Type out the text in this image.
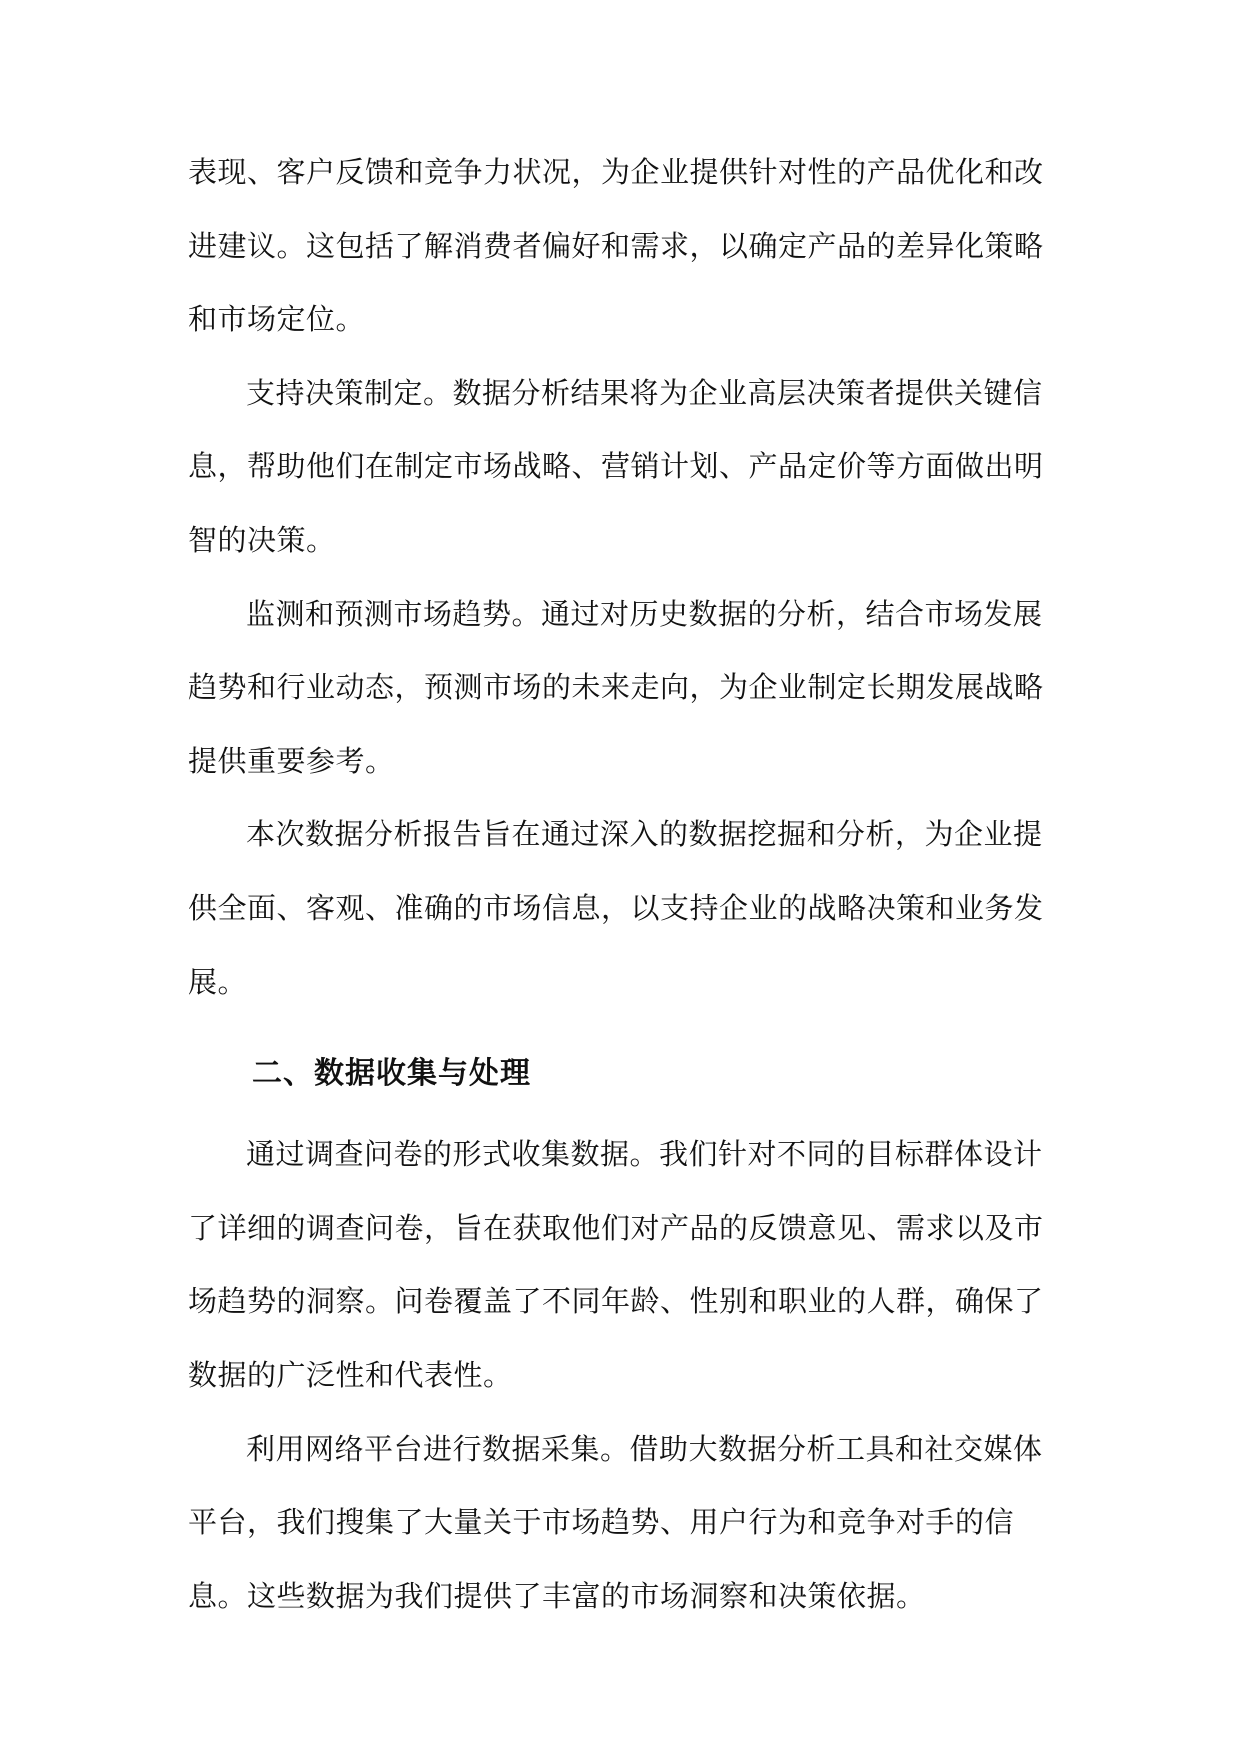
表现、客户反馈和竞争力状况，为企业提供针对性的产品优化和改进建议。这包括了解消费者偏好和需求，以确定产品的差异化策略和市场定位。

支持决策制定。数据分析结果将为企业高层决策者提供关键信息，帮助他们在制定市场战略、营销计划、产品定价等方面做出明智的决策。

监测和预测市场趋势。通过对历史数据的分析，结合市场发展趋势和行业动态，预测市场的未来走向，为企业制定长期发展战略提供重要参考。

本次数据分析报告旨在通过深入的数据挖掘和分析，为企业提供全面、客观、准确的市场信息，以支持企业的战略决策和业务发展。

二、数据收集与处理

通过调查问卷的形式收集数据。我们针对不同的目标群体设计了详细的调查问卷，旨在获取他们对产品的反馈意见、需求以及市场趋势的洞察。问卷覆盖了不同年龄、性别和职业的人群，确保了数据的广泛性和代表性。

利用网络平台进行数据采集。借助大数据分析工具和社交媒体平台，我们搜集了大量关于市场趋势、用户行为和竞争对手的信息。这些数据为我们提供了丰富的市场洞察和决策依据。
